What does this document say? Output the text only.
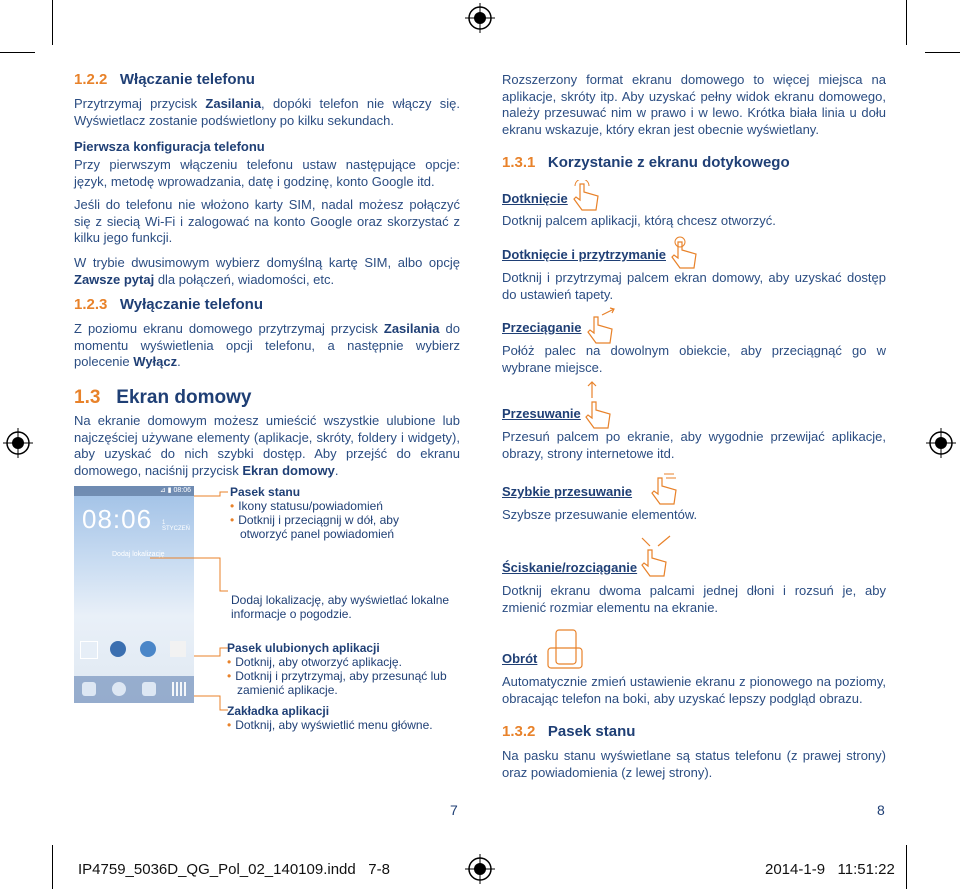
1.2.2 Włączanie telefonu
Przytrzymaj przycisk Zasilania, dopóki telefon nie włączy się. Wyświetlacz zostanie podświetlony po kilku sekundach.
Pierwsza konfiguracja telefonu
Przy pierwszym włączeniu telefonu ustaw następujące opcje: język, metodę wprowadzania, datę i godzinę, konto Google itd.
Jeśli do telefonu nie włożono karty SIM, nadal możesz połączyć się z siecią Wi-Fi i zalogować na konto Google oraz skorzystać z kilku jego funkcji.
W trybie dwusimowym wybierz domyślną kartę SIM, albo opcję Zawsze pytaj dla połączeń, wiadomości, etc.
1.2.3 Wyłączanie telefonu
Z poziomu ekranu domowego przytrzymaj przycisk Zasilania do momentu wyświetlenia opcji telefonu, a następnie wybierz polecenie Wyłącz.
1.3 Ekran domowy
Na ekranie domowym możesz umieścić wszystkie ulubione lub najczęściej używane elementy (aplikacje, skróty, foldery i widgety), aby uzyskać do nich szybki dostęp. Aby przejść do ekranu domowego, naciśnij przycisk Ekran domowy.
⊿ ▮ 08:06
08:06 1 STYCZEŃ
Dodaj lokalizację
Pasek stanu
• Ikony statusu/powiadomień
• Dotknij i przeciągnij w dół, aby otworzyć panel powiadomień
Dodaj lokalizację, aby wyświetlać lokalne informacje o pogodzie.
Pasek ulubionych aplikacji
• Dotknij, aby otworzyć aplikację.
• Dotknij i przytrzymaj, aby przesunąć lub zamienić aplikacje.
Zakładka aplikacji
• Dotknij, aby wyświetlić menu główne.
7
Rozszerzony format ekranu domowego to więcej miejsca na aplikacje, skróty itp. Aby uzyskać pełny widok ekranu domowego, należy przesuwać nim w prawo i w lewo. Krótka biała linia u dołu ekranu wskazuje, który ekran jest obecnie wyświetlany.
1.3.1 Korzystanie z ekranu dotykowego
Dotknięcie
Dotknij palcem aplikacji, którą chcesz otworzyć.
Dotknięcie i przytrzymanie
Dotknij i przytrzymaj palcem ekran domowy, aby uzyskać dostęp do ustawień tapety.
Przeciąganie
Połóż palec na dowolnym obiekcie, aby przeciągnąć go w wybrane miejsce.
Przesuwanie
Przesuń palcem po ekranie, aby wygodnie przewijać aplikacje, obrazy, strony internetowe itd.
Szybkie przesuwanie
Szybsze przesuwanie elementów.
Ściskanie/rozciąganie
Dotknij ekranu dwoma palcami jednej dłoni i rozsuń je, aby zmienić rozmiar elementu na ekranie.
Obrót
Automatycznie zmień ustawienie ekranu z pionowego na poziomy, obracając telefon na boki, aby uzyskać lepszy podgląd obrazu.
1.3.2 Pasek stanu
Na pasku stanu wyświetlane są status telefonu (z prawej strony) oraz powiadomienia (z lewej strony).
8
IP4759_5036D_QG_Pol_02_140109.indd   7-8	2014-1-9   11:51:22
